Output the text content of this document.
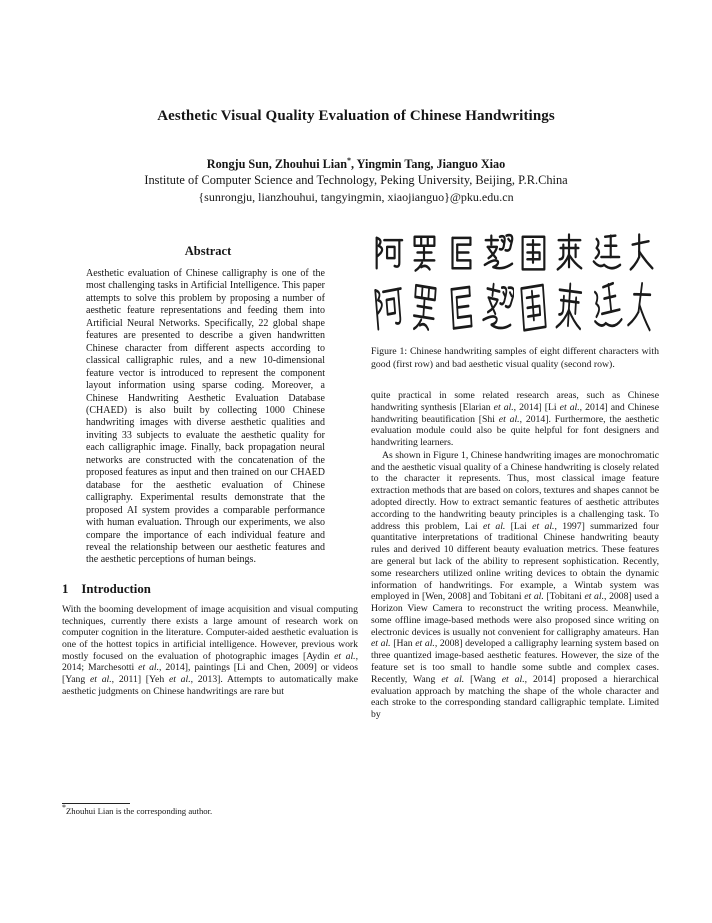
Aesthetic Visual Quality Evaluation of Chinese Handwritings
Rongju Sun, Zhouhui Lian*, Yingmin Tang, Jianguo Xiao
Institute of Computer Science and Technology, Peking University, Beijing, P.R.China
{sunrongju, lianzhouhui, tangyingmin, xiaojianguo}@pku.edu.cn
Abstract
Aesthetic evaluation of Chinese calligraphy is one of the most challenging tasks in Artificial Intelligence. This paper attempts to solve this problem by proposing a number of aesthetic feature representations and feeding them into Artificial Neural Networks. Specifically, 22 global shape features are presented to describe a given handwritten Chinese character from different aspects according to classical calligraphic rules, and a new 10-dimensional feature vector is introduced to represent the component layout information using sparse coding. Moreover, a Chinese Handwriting Aesthetic Evaluation Database (CHAED) is also built by collecting 1000 Chinese handwriting images with diverse aesthetic qualities and inviting 33 subjects to evaluate the aesthetic quality for each calligraphic image. Finally, back propagation neural networks are constructed with the concatenation of the proposed features as input and then trained on our CHAED database for the aesthetic evaluation of Chinese calligraphy. Experimental results demonstrate that the proposed AI system provides a comparable performance with human evaluation. Through our experiments, we also compare the importance of each individual feature and reveal the relationship between our aesthetic features and the aesthetic perceptions of human beings.
1 Introduction
With the booming development of image acquisition and visual computing techniques, currently there exists a large amount of research work on computer cognition in the literature. Computer-aided aesthetic evaluation is one of the hottest topics in artificial intelligence. However, previous work mostly focused on the evaluation of photographic images [Aydin et al., 2014; Marchesotti et al., 2014], paintings [Li and Chen, 2009] or videos [Yang et al., 2011] [Yeh et al., 2013]. Attempts to automatically make aesthetic judgments on Chinese handwritings are rare but
*Zhouhui Lian is the corresponding author.
Figure 1: Chinese handwriting samples of eight different characters with good (first row) and bad aesthetic visual quality (second row).
quite practical in some related research areas, such as Chinese handwriting synthesis [Elarian et al., 2014] [Li et al., 2014] and Chinese handwriting beautification [Shi et al., 2014]. Furthermore, the aesthetic evaluation module could also be quite helpful for font designers and handwriting learners.
As shown in Figure 1, Chinese handwriting images are monochromatic and the aesthetic visual quality of a Chinese handwriting is closely related to the character it represents. Thus, most classical image feature extraction methods that are based on colors, textures and shapes cannot be adopted directly. How to extract semantic features of aesthetic attributes according to the handwriting beauty principles is a challenging task. To address this problem, Lai et al. [Lai et al., 1997] summarized four quantitative interpretations of traditional Chinese handwriting beauty rules and derived 10 different beauty evaluation metrics. These features are general but lack of the ability to represent sophistication. Recently, some researchers utilized online writing devices to obtain the dynamic information of handwritings. For example, a Wintab system was employed in [Wen, 2008] and Tobitani et al. [Tobitani et al., 2008] used a Horizon View Camera to reconstruct the writing process. Meanwhile, some offline image-based methods were also proposed since writing on electronic devices is usually not convenient for calligraphy amateurs. Han et al. [Han et al., 2008] developed a calligraphy learning system based on three quantized image-based aesthetic features. However, the size of the feature set is too small to handle some subtle and complex cases. Recently, Wang et al. [Wang et al., 2014] proposed a hierarchical evaluation approach by matching the shape of the whole character and each stroke to the corresponding standard calligraphic template. Limited by
